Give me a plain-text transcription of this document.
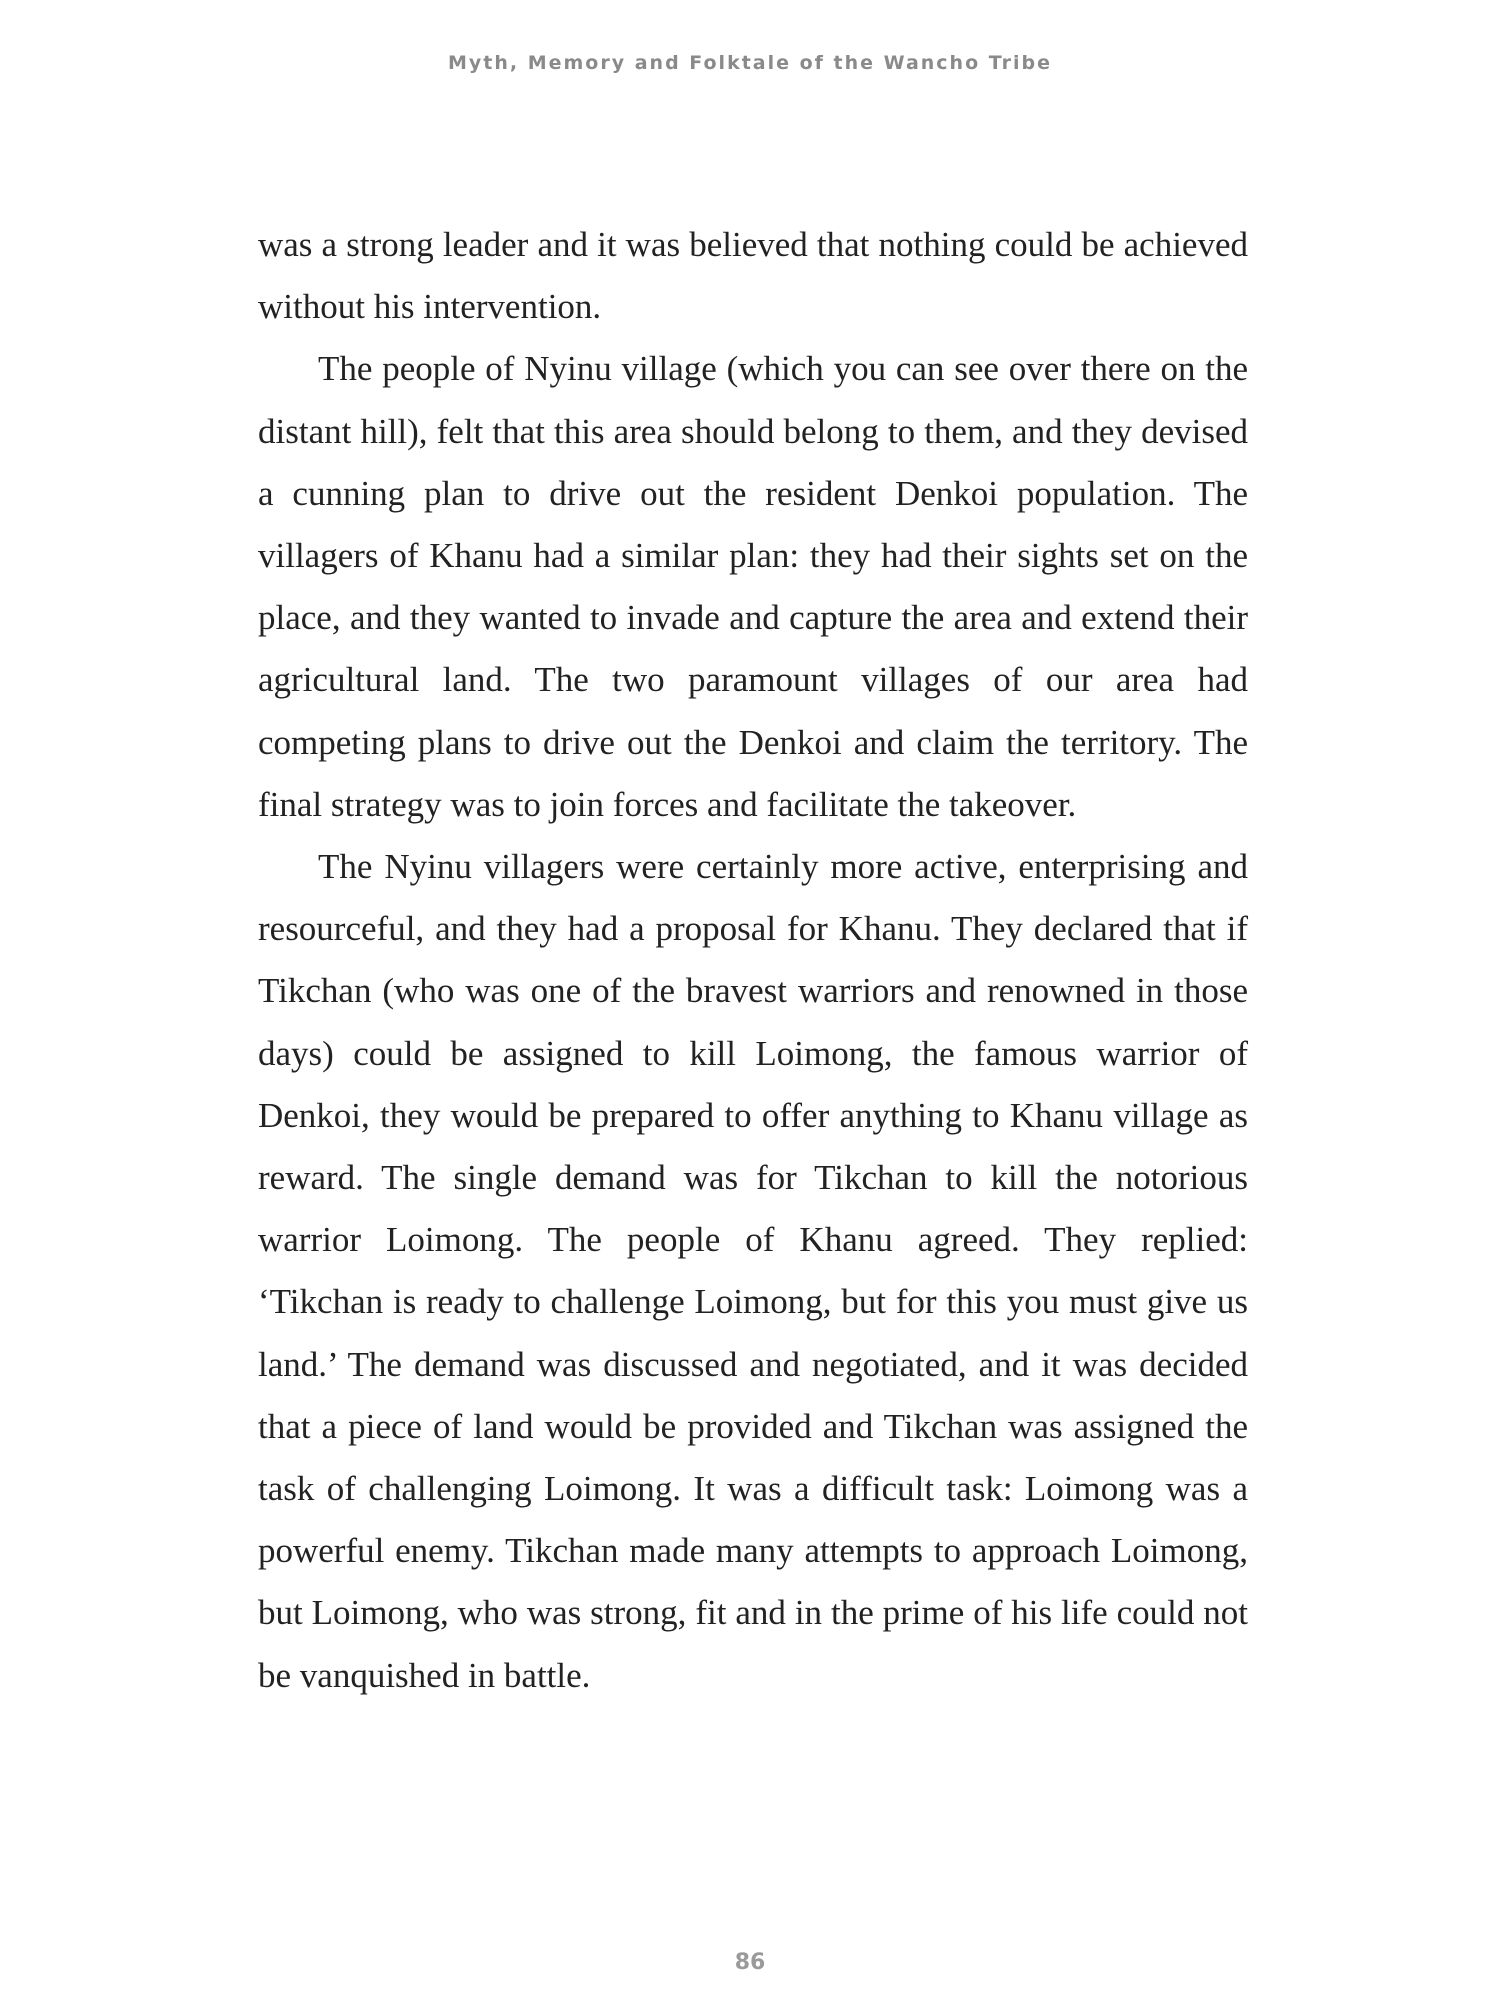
Myth, Memory and Folktale of the Wancho Tribe

was a strong leader and it was believed that nothing could be achieved without his intervention.

The people of Nyinu village (which you can see over there on the distant hill), felt that this area should belong to them, and they devised a cunning plan to drive out the resident Denkoi population. The villagers of Khanu had a similar plan: they had their sights set on the place, and they wanted to invade and capture the area and extend their agricultural land. The two paramount villages of our area had competing plans to drive out the Denkoi and claim the territory. The final strategy was to join forces and facilitate the takeover.

The Nyinu villagers were certainly more active, enterprising and resourceful, and they had a proposal for Khanu. They declared that if Tikchan (who was one of the bravest warriors and renowned in those days) could be assigned to kill Loimong, the famous warrior of Denkoi, they would be prepared to offer anything to Khanu village as reward. The single demand was for Tikchan to kill the notorious warrior Loimong. The people of Khanu agreed. They replied: ‘Tikchan is ready to challenge Loimong, but for this you must give us land.’ The demand was discussed and negotiated, and it was decided that a piece of land would be provided and Tikchan was assigned the task of challenging Loimong. It was a difficult task: Loimong was a powerful enemy. Tikchan made many attempts to approach Loimong, but Loimong, who was strong, fit and in the prime of his life could not be vanquished in battle.

86
